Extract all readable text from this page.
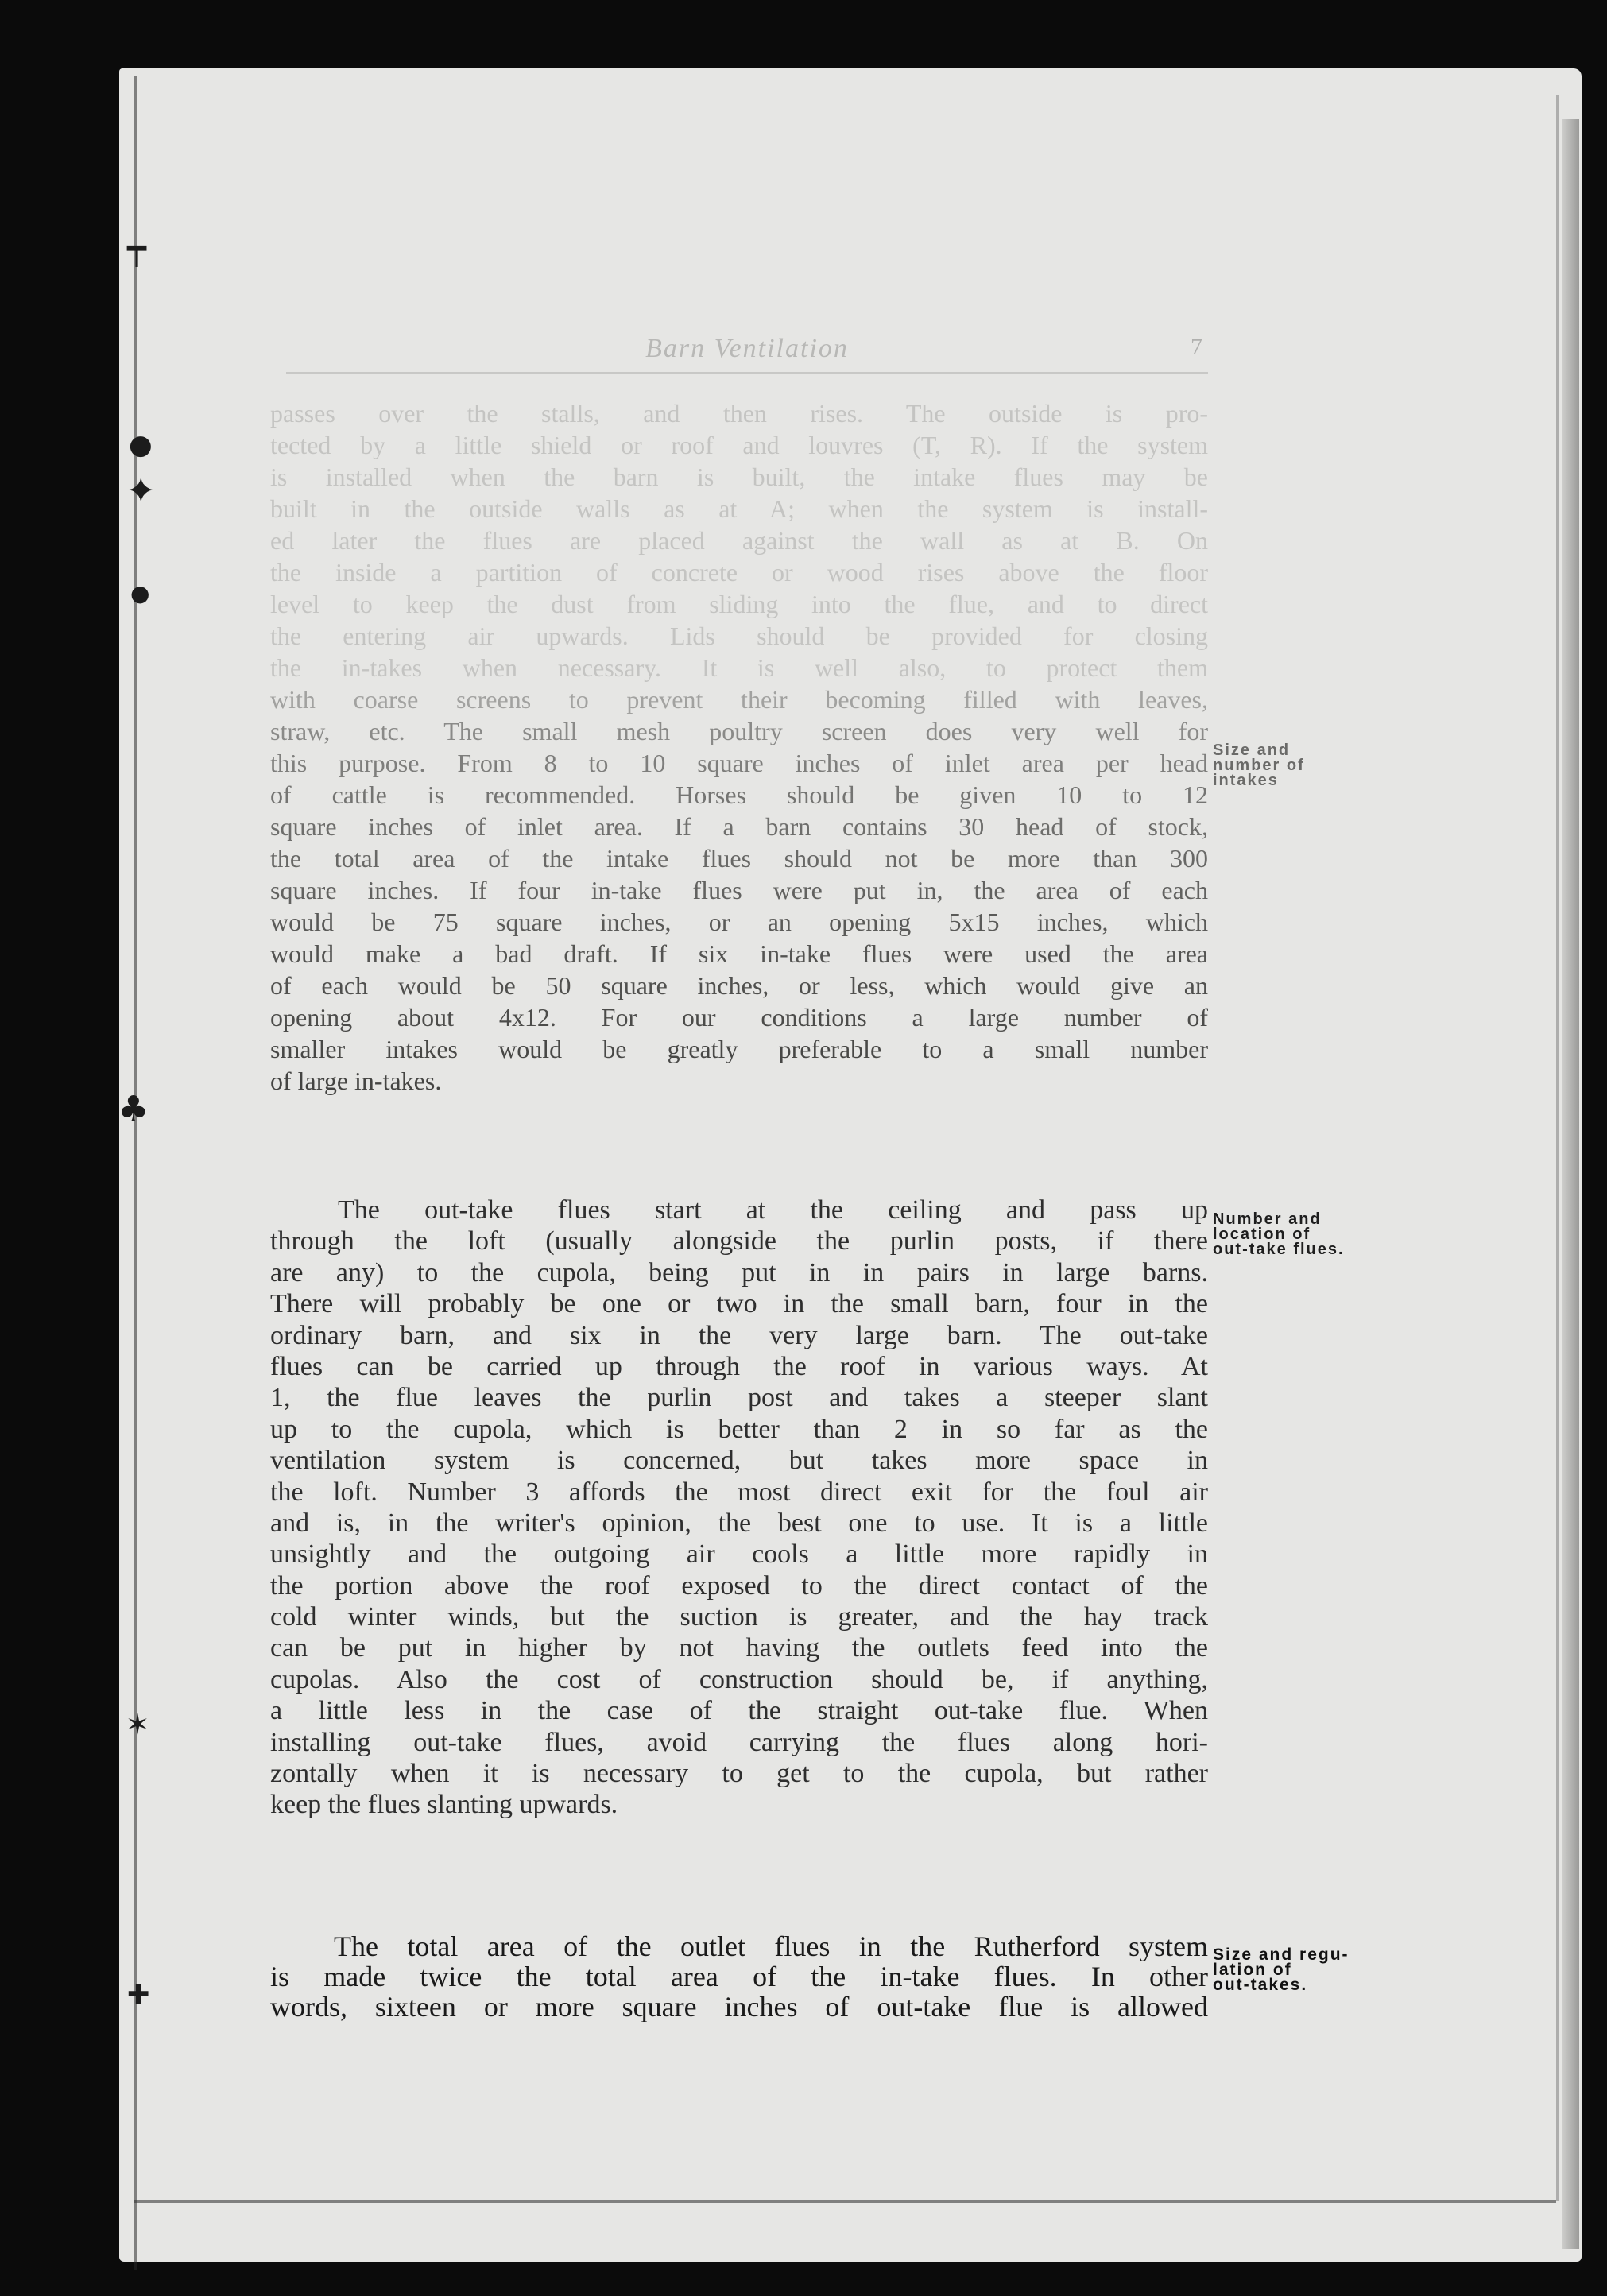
┯
●
✦
●
♣
✶
✚
Barn Ventilation	7
passes over the stalls, and then rises. The outside is pro-
tected by a little shield or roof and louvres (T, R). If the system
is installed when the barn is built, the intake flues may be
built in the outside walls as at A; when the system is install-
ed later the flues are placed against the wall as at B. On
the inside a partition of concrete or wood rises above the floor
level to keep the dust from sliding into the flue, and to direct
the entering air upwards. Lids should be provided for closing
the in-takes when necessary. It is well also, to protect them
with coarse screens to prevent their becoming filled with leaves,
straw, etc. The small mesh poultry screen does very well for
this purpose. From 8 to 10 square inches of inlet area per head
of cattle is recommended. Horses should be given 10 to 12
square inches of inlet area. If a barn contains 30 head of stock,
the total area of the intake flues should not be more than 300
square inches. If four in-take flues were put in, the area of each
would be 75 square inches, or an opening 5x15 inches, which
would make a bad draft. If six in-take flues were used the area
of each would be 50 square inches, or less, which would give an
opening about 4x12. For our conditions a large number of
smaller intakes would be greatly preferable to a small number
of large in-takes.
Size and
number of
intakes
The out-take flues start at the ceiling and pass up
through the loft (usually alongside the purlin posts, if there
are any) to the cupola, being put in in pairs in large barns.
There will probably be one or two in the small barn, four in the
ordinary barn, and six in the very large barn. The out-take
flues can be carried up through the roof in various ways. At
1, the flue leaves the purlin post and takes a steeper slant
up to the cupola, which is better than 2 in so far as the
ventilation system is concerned, but takes more space in
the loft. Number 3 affords the most direct exit for the foul air
and is, in the writer's opinion, the best one to use. It is a little
unsightly and the outgoing air cools a little more rapidly in
the portion above the roof exposed to the direct contact of the
cold winter winds, but the suction is greater, and the hay track
can be put in higher by not having the outlets feed into the
cupolas. Also the cost of construction should be, if anything,
a little less in the case of the straight out-take flue. When
installing out-take flues, avoid carrying the flues along hori-
zontally when it is necessary to get to the cupola, but rather
keep the flues slanting upwards.
Number and
location of
out-take flues.
The total area of the outlet flues in the Rutherford system
is made twice the total area of the in-take flues. In other
words, sixteen or more square inches of out-take flue is allowed
Size and regu-
lation of
out-takes.
